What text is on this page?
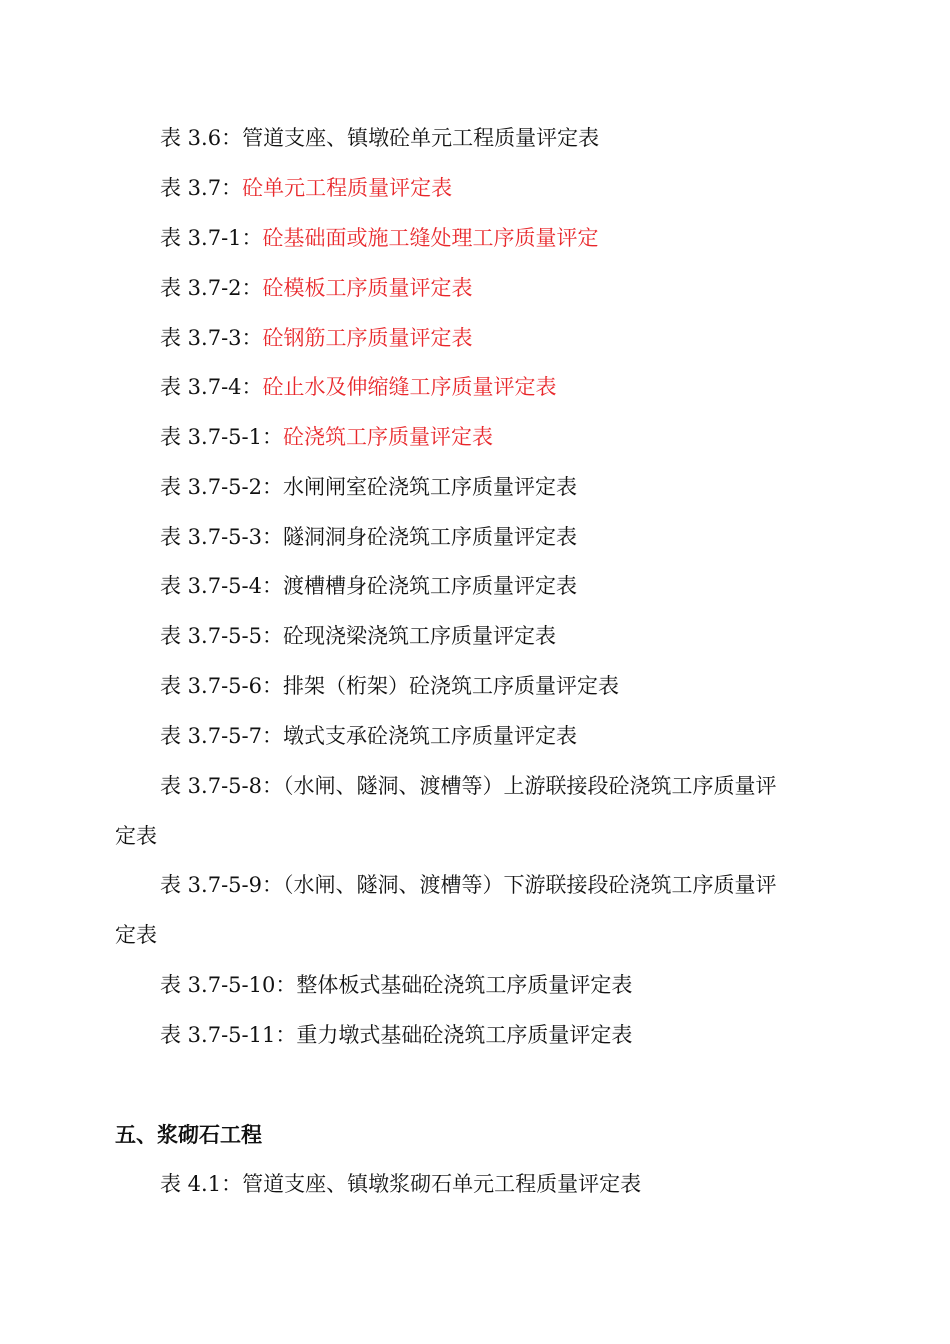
表 3.6：管道支座、镇墩砼单元工程质量评定表
表 3.7：砼单元工程质量评定表
表 3.7-1：砼基础面或施工缝处理工序质量评定
表 3.7-2：砼模板工序质量评定表
表 3.7-3：砼钢筋工序质量评定表
表 3.7-4：砼止水及伸缩缝工序质量评定表
表 3.7-5-1：砼浇筑工序质量评定表
表 3.7-5-2：水闸闸室砼浇筑工序质量评定表
表 3.7-5-3：隧洞洞身砼浇筑工序质量评定表
表 3.7-5-4：渡槽槽身砼浇筑工序质量评定表
表 3.7-5-5：砼现浇梁浇筑工序质量评定表
表 3.7-5-6：排架（桁架）砼浇筑工序质量评定表
表 3.7-5-7：墩式支承砼浇筑工序质量评定表
表 3.7-5-8：（水闸、隧洞、渡槽等）上游联接段砼浇筑工序质量评
定表
表 3.7-5-9：（水闸、隧洞、渡槽等）下游联接段砼浇筑工序质量评
定表
表 3.7-5-10：整体板式基础砼浇筑工序质量评定表
表 3.7-5-11：重力墩式基础砼浇筑工序质量评定表
五、浆砌石工程
表 4.1：管道支座、镇墩浆砌石单元工程质量评定表
